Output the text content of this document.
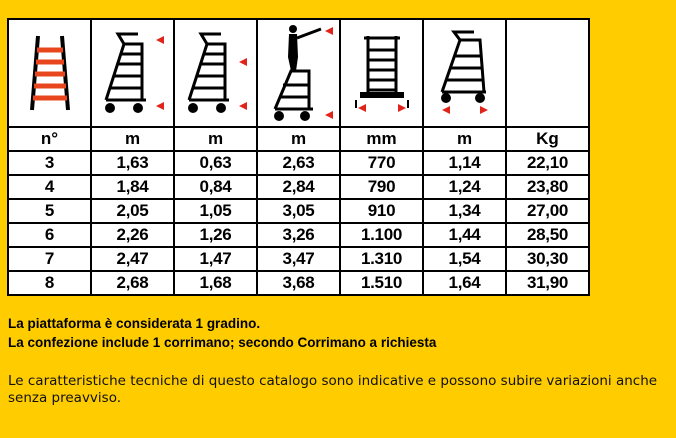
n°	m	m	m	mm	m	Kg
3	1,63	0,63	2,63	770	1,14	22,10
4	1,84	0,84	2,84	790	1,24	23,80
5	2,05	1,05	3,05	910	1,34	27,00
6	2,26	1,26	3,26	1.100	1,44	28,50
7	2,47	1,47	3,47	1.310	1,54	30,30
8	2,68	1,68	3,68	1.510	1,64	31,90

La piattaforma è considerata 1 gradino.

La confezione include 1 corrimano; secondo Corrimano a richiesta

Le caratteristiche tecniche di questo catalogo sono indicative e possono subire variazioni anche senza preavviso.
